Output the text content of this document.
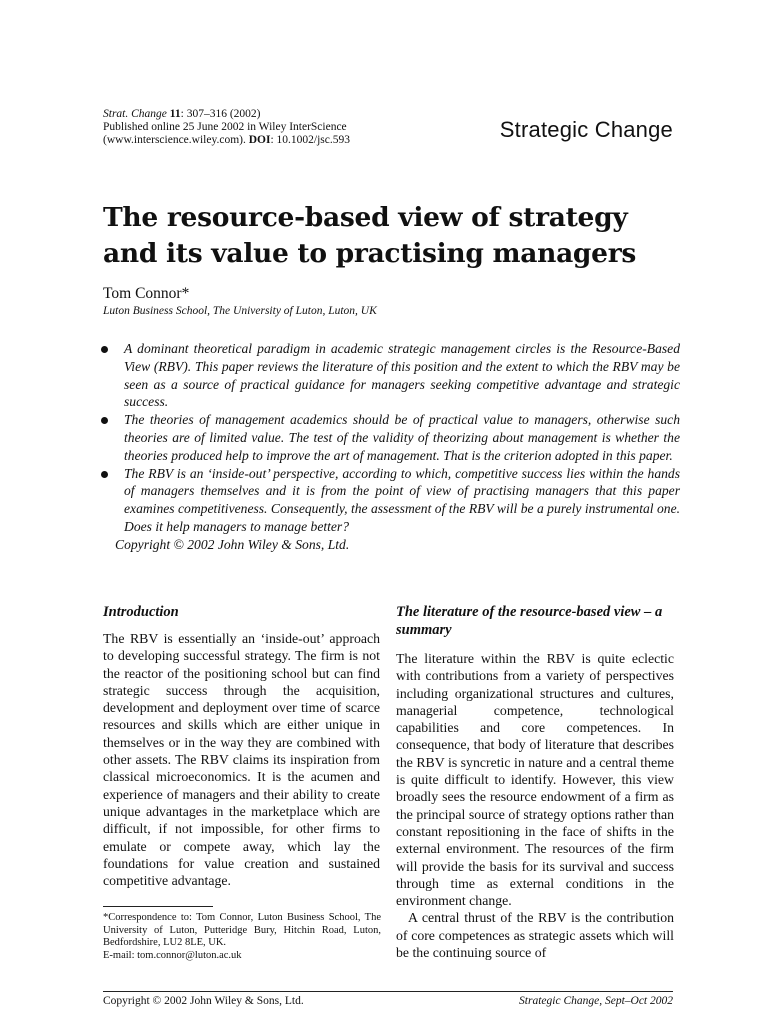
Strat. Change 11: 307–316 (2002)
Published online 25 June 2002 in Wiley InterScience
(www.interscience.wiley.com). DOI: 10.1002/jsc.593	Strategic Change
The resource-based view of strategy and its value to practising managers
Tom Connor*
Luton Business School, The University of Luton, Luton, UK
A dominant theoretical paradigm in academic strategic management circles is the Resource-Based View (RBV). This paper reviews the literature of this position and the extent to which the RBV may be seen as a source of practical guidance for managers seeking competitive advantage and strategic success.
The theories of management academics should be of practical value to managers, otherwise such theories are of limited value. The test of the validity of theorizing about management is whether the theories produced help to improve the art of management. That is the criterion adopted in this paper.
The RBV is an ‘inside-out’ perspective, according to which, competitive success lies within the hands of managers themselves and it is from the point of view of practising managers that this paper examines competitiveness. Consequently, the assessment of the RBV will be a purely instrumental one. Does it help managers to manage better?
Copyright © 2002 John Wiley & Sons, Ltd.
Introduction

The RBV is essentially an ‘inside-out’ approach to developing successful strategy. The firm is not the reactor of the positioning school but can find strategic success through the acquisition, development and deployment over time of scarce resources and skills which are either unique in themselves or in the way they are combined with other assets. The RBV claims its inspiration from classical microeconomics. It is the acumen and experience of managers and their ability to create unique advantages in the marketplace which are difficult, if not impossible, for other firms to emulate or compete away, which lay the foundations for value creation and sustained competitive advantage.

*Correspondence to: Tom Connor, Luton Business School, The University of Luton, Putteridge Bury, Hitchin Road, Luton, Bedfordshire, LU2 8LE, UK.
E-mail: tom.connor@luton.ac.uk
The literature of the resource-based view – a summary

The literature within the RBV is quite eclectic with contributions from a variety of perspectives including organizational structures and cultures, managerial competence, technological capabilities and core competences. In consequence, that body of literature that describes the RBV is syncretic in nature and a central theme is quite difficult to identify. However, this view broadly sees the resource endowment of a firm as the principal source of strategy options rather than constant repositioning in the face of shifts in the external environment. The resources of the firm will provide the basis for its survival and success through time as external conditions in the environment change.

A central thrust of the RBV is the contribution of core competences as strategic assets which will be the continuing source of

Copyright © 2002 John Wiley & Sons, Ltd.	Strategic Change, Sept–Oct 2002
